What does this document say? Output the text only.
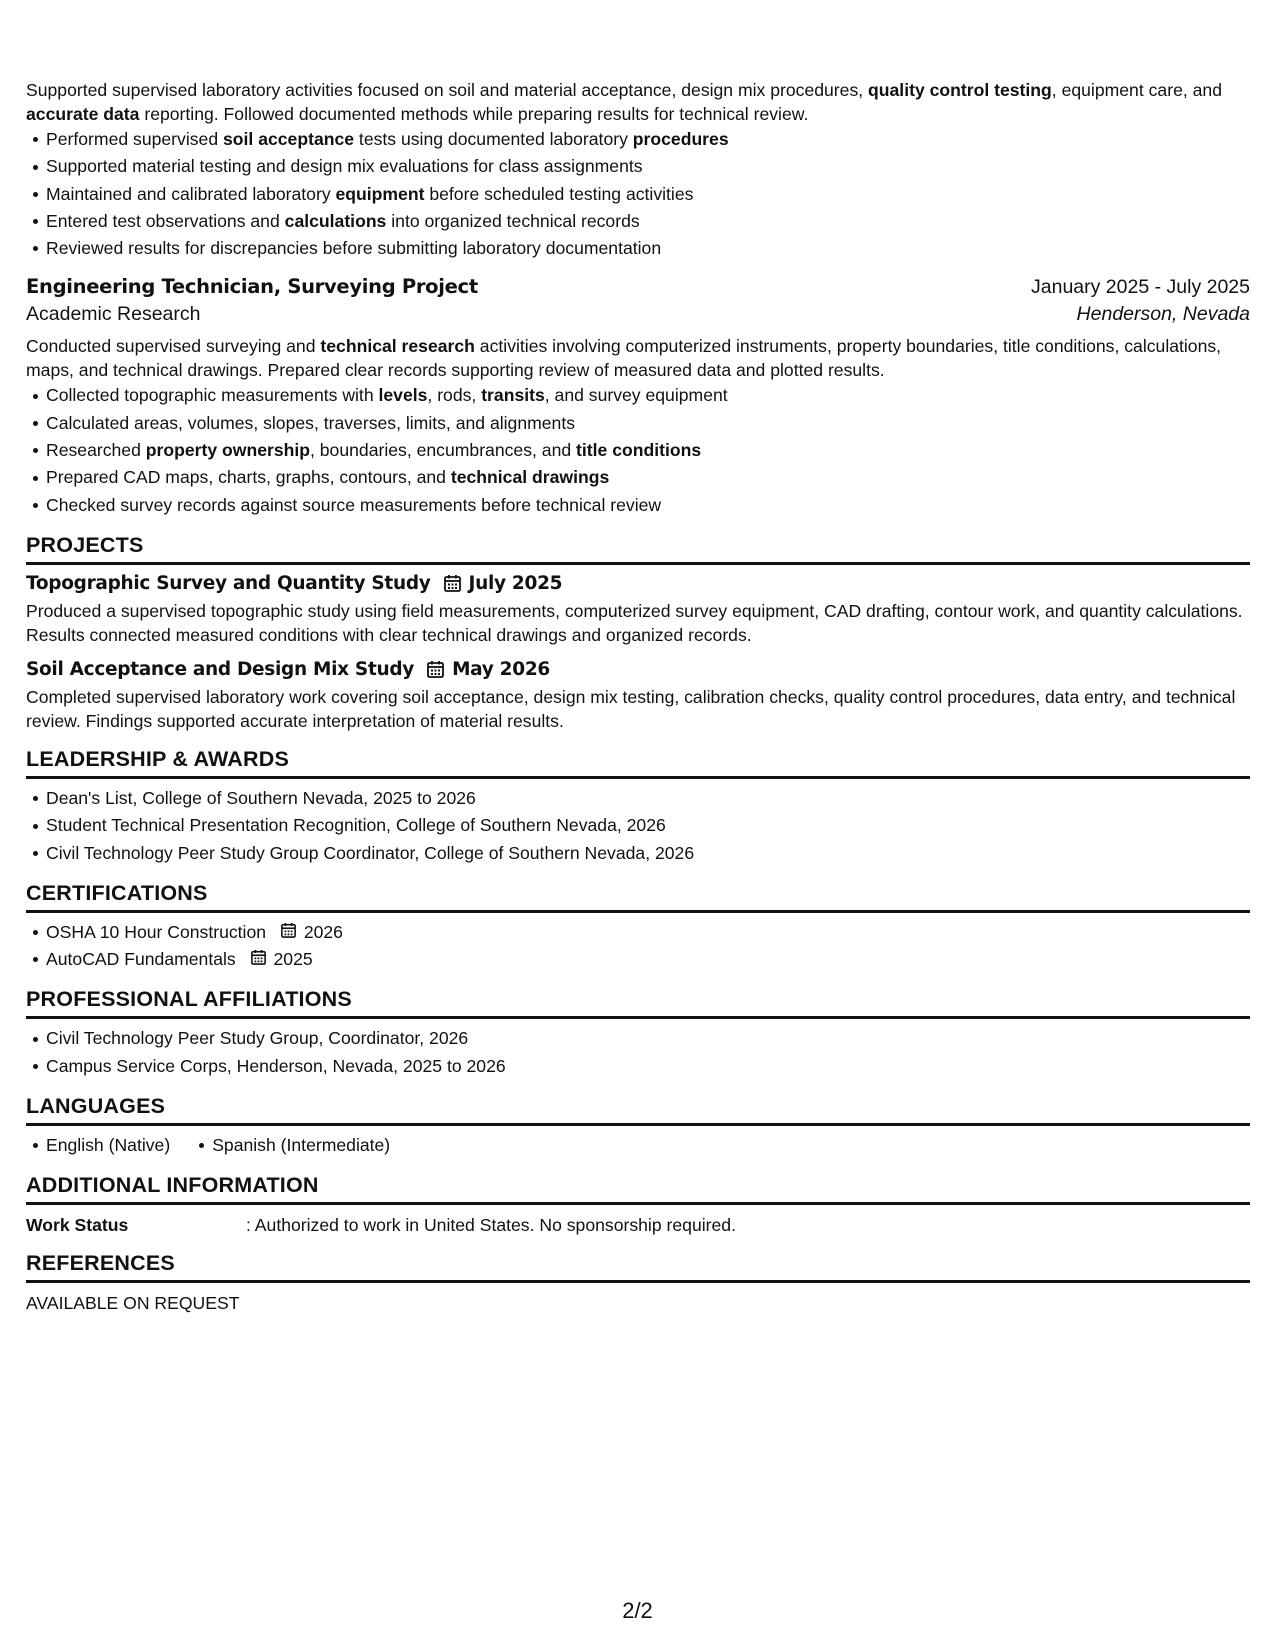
Supported supervised laboratory activities focused on soil and material acceptance, design mix procedures, quality control testing, equipment care, and accurate data reporting. Followed documented methods while preparing results for technical review.

Performed supervised soil acceptance tests using documented laboratory procedures
Supported material testing and design mix evaluations for class assignments
Maintained and calibrated laboratory equipment before scheduled testing activities
Entered test observations and calculations into organized technical records
Reviewed results for discrepancies before submitting laboratory documentation
Engineering Technician, Surveying Project	January 2025 - July 2025
Academic Research	Henderson, Nevada

Conducted supervised surveying and technical research activities involving computerized instruments, property boundaries, title conditions, calculations, maps, and technical drawings. Prepared clear records supporting review of measured data and plotted results.

Collected topographic measurements with levels, rods, transits, and survey equipment
Calculated areas, volumes, slopes, traverses, limits, and alignments
Researched property ownership, boundaries, encumbrances, and title conditions
Prepared CAD maps, charts, graphs, contours, and technical drawings
Checked survey records against source measurements before technical review
PROJECTS
Topographic Survey and Quantity Study July 2025

Produced a supervised topographic study using field measurements, computerized survey equipment, CAD drafting, contour work, and quantity calculations. Results connected measured conditions with clear technical drawings and organized records.

Soil Acceptance and Design Mix Study May 2026

Completed supervised laboratory work covering soil acceptance, design mix testing, calibration checks, quality control procedures, data entry, and technical review. Findings supported accurate interpretation of material results.

LEADERSHIP & AWARDS
Dean's List, College of Southern Nevada, 2025 to 2026
Student Technical Presentation Recognition, College of Southern Nevada, 2026
Civil Technology Peer Study Group Coordinator, College of Southern Nevada, 2026
CERTIFICATIONS
OSHA 10 Hour Construction 2026
AutoCAD Fundamentals 2025
PROFESSIONAL AFFILIATIONS
Civil Technology Peer Study Group, Coordinator, 2026
Campus Service Corps, Henderson, Nevada, 2025 to 2026
LANGUAGES
English (Native) Spanish (Intermediate)
ADDITIONAL INFORMATION
Work Status	: Authorized to work in United States. No sponsorship required.
REFERENCES

AVAILABLE ON REQUEST

2/2
